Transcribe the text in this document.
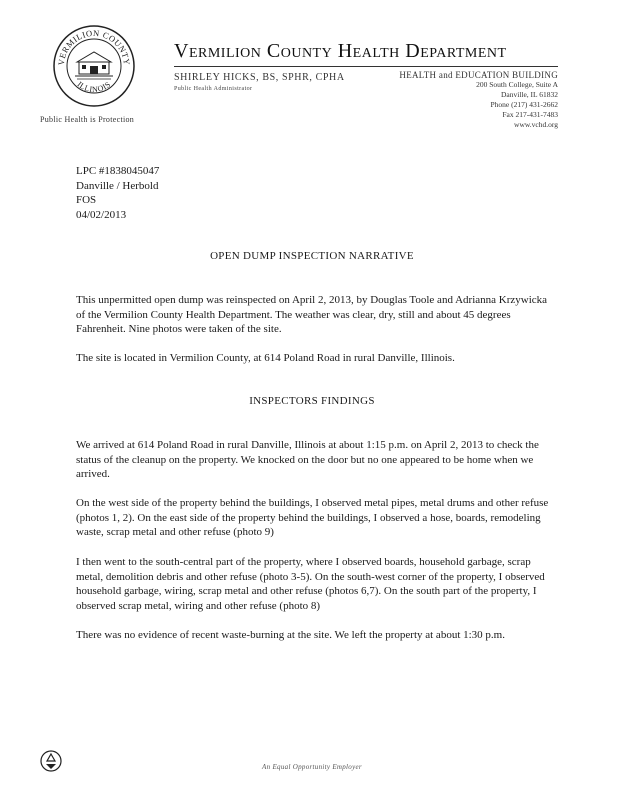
VERMILION COUNTY
ILLINOIS
Public Health is Protection
Vermilion County Health Department
SHIRLEY HICKS, BS, SPHR, CPHA
Public Health Administrator
HEALTH and EDUCATION BUILDING
200 South College, Suite A
Danville, IL 61832
Phone (217) 431-2662
Fax 217-431-7483
www.vchd.org
LPC #1838045047
Danville / Herbold
FOS
04/02/2013
OPEN DUMP INSPECTION NARRATIVE

This unpermitted open dump was reinspected on April 2, 2013, by Douglas Toole and Adrianna Krzywicka of the Vermilion County Health Department. The weather was clear, dry, still and about 45 degrees Fahrenheit. Nine photos were taken of the site.

The site is located in Vermilion County, at 614 Poland Road in rural Danville, Illinois.

INSPECTORS FINDINGS

We arrived at 614 Poland Road in rural Danville, Illinois at about 1:15 p.m. on April 2, 2013 to check the status of the cleanup on the property. We knocked on the door but no one appeared to be home when we arrived.

On the west side of the property behind the buildings, I observed metal pipes, metal drums and other refuse (photos 1, 2). On the east side of the property behind the buildings, I observed a hose, boards, remodeling waste, scrap metal and other refuse (photo 9)

I then went to the south-central part of the property, where I observed boards, household garbage, scrap metal, demolition debris and other refuse (photo 3-5). On the south-west corner of the property, I observed household garbage, wiring, scrap metal and other refuse (photos 6,7). On the south part of the property, I observed scrap metal, wiring and other refuse (photo 8)

There was no evidence of recent waste-burning at the site. We left the property at about 1:30 p.m.

An Equal Opportunity Employer
